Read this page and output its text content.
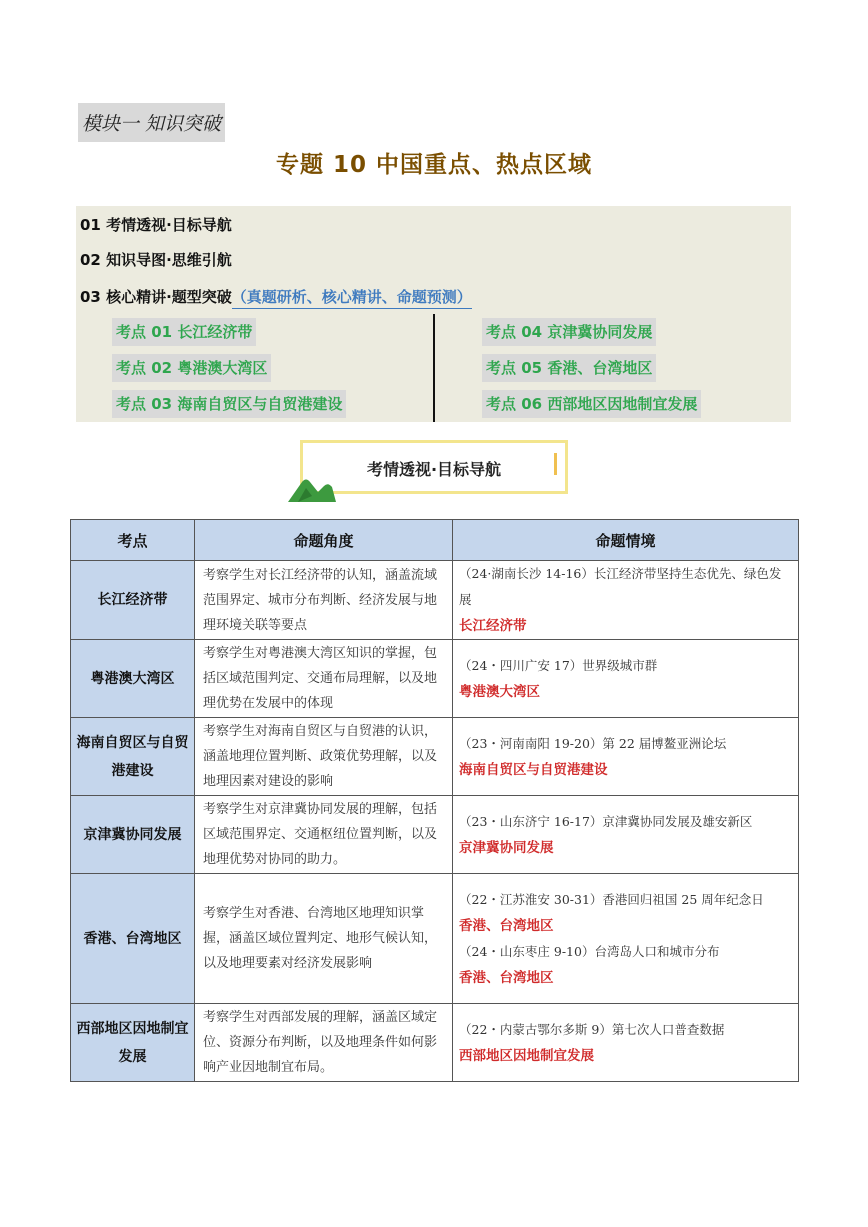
模块一 知识突破
专题 10 中国重点、热点区域
01 考情透视·目标导航
02 知识导图·思维引航
03 核心精讲·题型突破（真题研析、核心精讲、命题预测）
考点 01 长江经济带
考点 02 粤港澳大湾区
考点 03 海南自贸区与自贸港建设
考点 04 京津冀协同发展
考点 05 香港、台湾地区
考点 06 西部地区因地制宜发展
考情透视·目标导航
考点	命题角度	命题情境
长江经济带	考察学生对长江经济带的认知，涵盖流域范围界定、城市分布判断、经济发展与地理环境关联等要点	（24·湖南长沙 14-16）长江经济带坚持生态优先、绿色发展
长江经济带

粤港澳大湾区	考察学生对粤港澳大湾区知识的掌握，包括区域范围判定、交通布局理解，以及地理优势在发展中的体现	（24・四川广安 17）世界级城市群
粤港澳大湾区

海南自贸区与自贸港建设	考察学生对海南自贸区与自贸港的认识，涵盖地理位置判断、政策优势理解，以及地理因素对建设的影响	（23・河南南阳 19-20）第 22 届博鳌亚洲论坛
海南自贸区与自贸港建设

京津冀协同发展	考察学生对京津冀协同发展的理解，包括区域范围界定、交通枢纽位置判断，以及地理优势对协同的助力。	（23・山东济宁 16-17）京津冀协同发展及雄安新区
京津冀协同发展

香港、台湾地区	考察学生对香港、台湾地区地理知识掌握，涵盖区域位置判定、地形气候认知，以及地理要素对经济发展影响	（22・江苏淮安 30-31）香港回归祖国 25 周年纪念日
香港、台湾地区
（24・山东枣庄 9-10）台湾岛人口和城市分布
香港、台湾地区

西部地区因地制宜发展	考察学生对西部发展的理解，涵盖区域定位、资源分布判断，以及地理条件如何影响产业因地制宜布局。	（22・内蒙古鄂尔多斯 9）第七次人口普查数据
西部地区因地制宜发展
